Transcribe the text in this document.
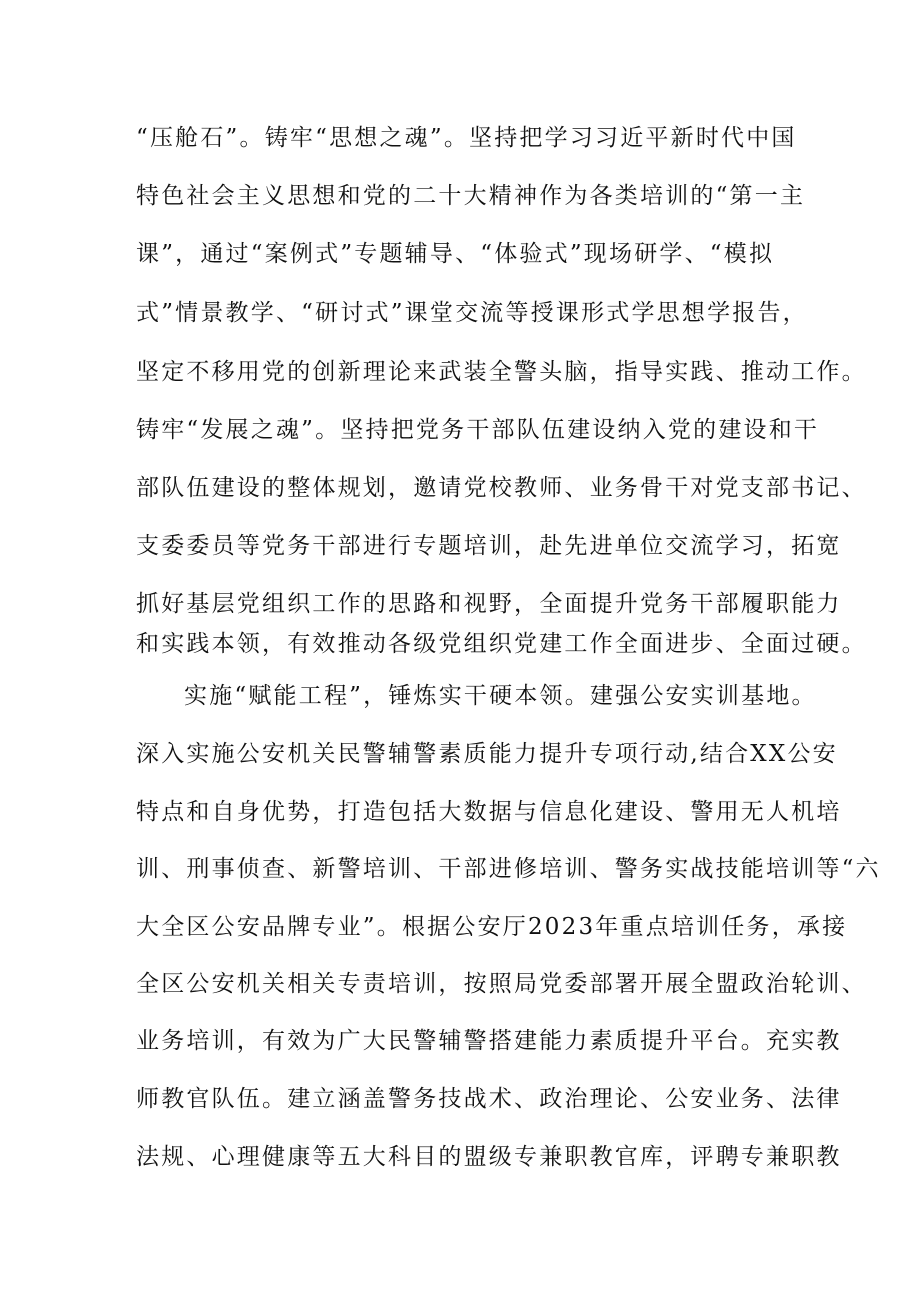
“压舱石”。铸牢“思想之魂”。坚持把学习习近平新时代中国
特色社会主义思想和党的二十大精神作为各类培训的“第一主
课”，通过“案例式”专题辅导、“体验式”现场研学、“模拟
式”情景教学、“研讨式”课堂交流等授课形式学思想学报告，
坚定不移用党的创新理论来武装全警头脑，指导实践、推动工作。
铸牢“发展之魂”。坚持把党务干部队伍建设纳入党的建设和干
部队伍建设的整体规划，邀请党校教师、业务骨干对党支部书记、
支委委员等党务干部进行专题培训，赴先进单位交流学习，拓宽
抓好基层党组织工作的思路和视野，全面提升党务干部履职能力
和实践本领，有效推动各级党组织党建工作全面进步、全面过硬。
实施“赋能工程”，锤炼实干硬本领。建强公安实训基地。
深入实施公安机关民警辅警素质能力提升专项行动,结合XX公安
特点和自身优势，打造包括大数据与信息化建设、警用无人机培
训、刑事侦查、新警培训、干部进修培训、警务实战技能培训等“六
大全区公安品牌专业”。根据公安厅2023年重点培训任务，承接
全区公安机关相关专责培训，按照局党委部署开展全盟政治轮训、
业务培训，有效为广大民警辅警搭建能力素质提升平台。充实教
师教官队伍。建立涵盖警务技战术、政治理论、公安业务、法律
法规、心理健康等五大科目的盟级专兼职教官库，评聘专兼职教
